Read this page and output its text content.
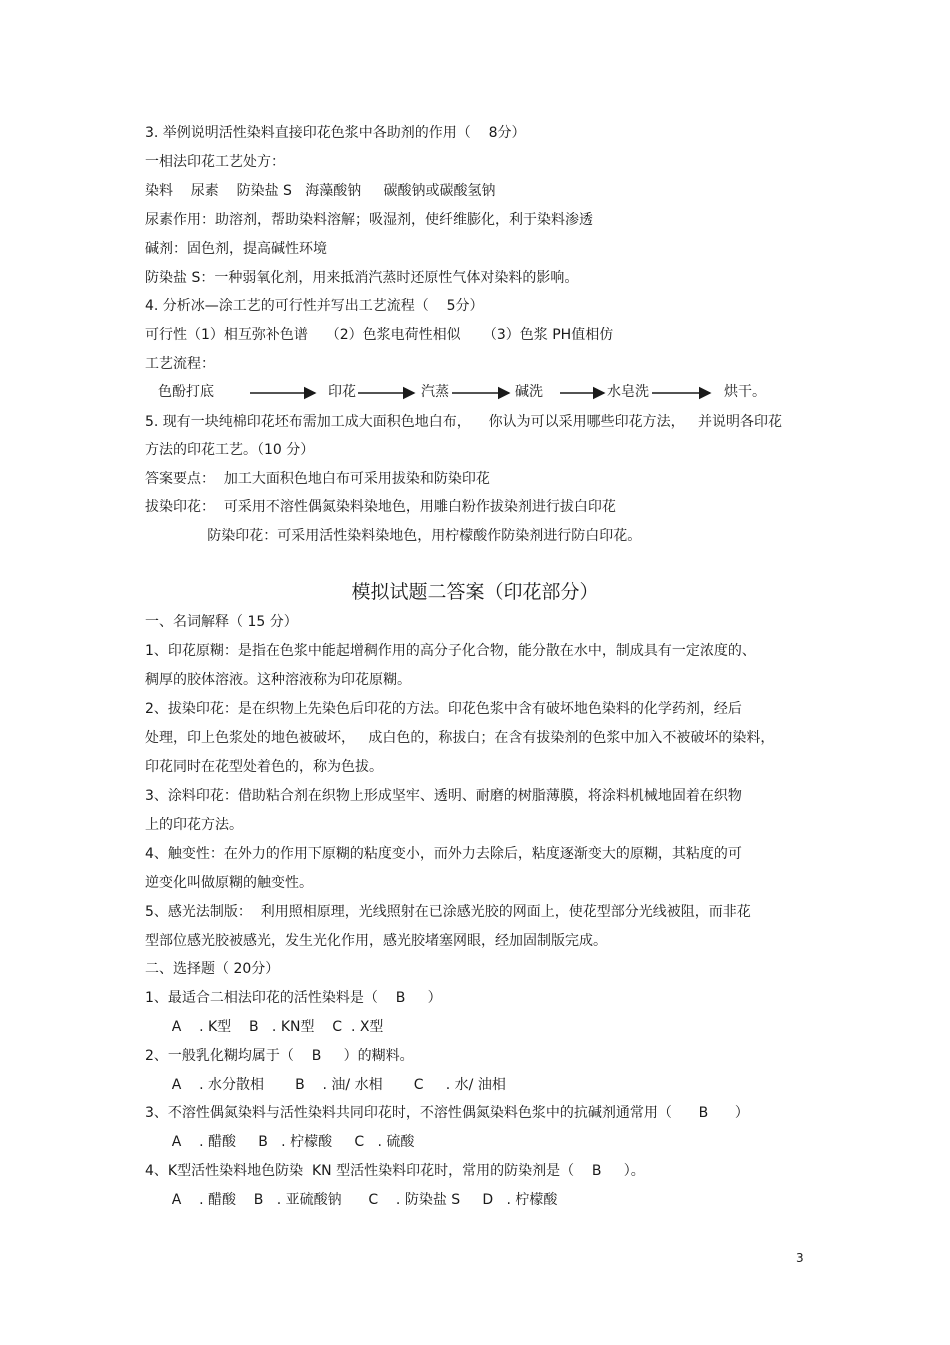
3. 举例说明活性染料直接印花色浆中各助剂的作用（    8分）
一相法印花工艺处方：
染料    尿素    防染盐 S   海藻酸钠     碳酸钠或碳酸氢钠
尿素作用：助溶剂，帮助染料溶解；吸湿剂，使纤维膨化，利于染料渗透
碱剂：固色剂，提高碱性环境
防染盐 S：一种弱氧化剂，用来抵消汽蒸时还原性气体对染料的影响。
4. 分析冰—涂工艺的可行性并写出工艺流程（    5分）
可行性（1）相互弥补色谱    （2）色浆电荷性相似     （3）色浆 PH值相仿
工艺流程：
色酚打底	印花	汽蒸	碱洗	水皂洗	烘干。
5. 现有一块纯棉印花坯布需加工成大面积色地白布，    你认为可以采用哪些印花方法，   并说明各印花
方法的印花工艺。（10 分）
答案要点：  加工大面积色地白布可采用拔染和防染印花
拔染印花：  可采用不溶性偶氮染料染地色，用雕白粉作拔染剂进行拔白印花
防染印花：可采用活性染料染地色，用柠檬酸作防染剂进行防白印花。
模拟试题二答案（印花部分）
一、名词解释（ 15 分）
1、印花原糊：是指在色浆中能起增稠作用的高分子化合物，能分散在水中，制成具有一定浓度的、
稠厚的胶体溶液。这种溶液称为印花原糊。
2、拔染印花：是在织物上先染色后印花的方法。印花色浆中含有破坏地色染料的化学药剂，经后
处理，印上色浆处的地色被破坏，   成白色的，称拔白；在含有拔染剂的色浆中加入不被破坏的染料，
印花同时在花型处着色的，称为色拔。
3、涂料印花：借助粘合剂在织物上形成坚牢、透明、耐磨的树脂薄膜，将涂料机械地固着在织物
上的印花方法。
4、触变性：在外力的作用下原糊的粘度变小，而外力去除后，粘度逐渐变大的原糊，其粘度的可
逆变化叫做原糊的触变性。
5、感光法制版：  利用照相原理，光线照射在已涂感光胶的网面上，使花型部分光线被阻，而非花
型部位感光胶被感光，发生光化作用，感光胶堵塞网眼，经加固制版完成。
二、选择题（ 20分）
1、最适合二相法印花的活性染料是（    B     ）
A    . K型    B   . KN型    C  . X型
2、一般乳化糊均属于（    B     ）的糊料。
A    . 水分散相       B    . 油/ 水相       C     . 水/ 油相
3、不溶性偶氮染料与活性染料共同印花时，不溶性偶氮染料色浆中的抗碱剂通常用（      B      ）
A    . 醋酸     B   . 柠檬酸     C   . 硫酸
4、K型活性染料地色防染  KN 型活性染料印花时，常用的防染剂是（    B     ）。
A    . 醋酸    B   . 亚硫酸钠      C    . 防染盐 S     D   . 柠檬酸
3
